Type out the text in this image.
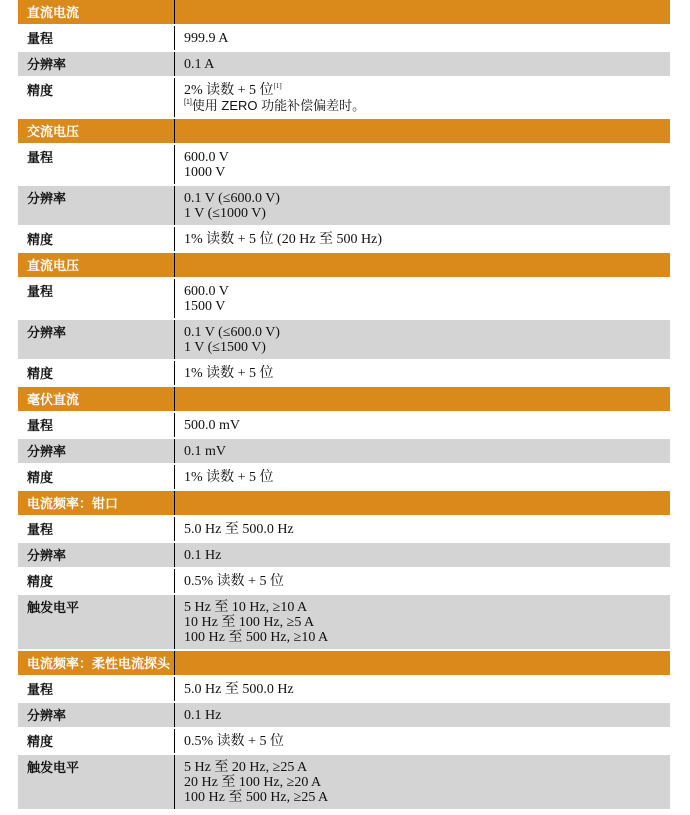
直流电流
量程	999.9 A
分辨率	0.1 A
精度	2% 读数 + 5 位[1]
[1]使用 ZERO 功能补偿偏差时。
交流电压
量程	600.0 V
1000 V
分辨率	0.1 V (≤600.0 V)
1 V (≤1000 V)
精度	1% 读数 + 5 位 (20 Hz 至 500 Hz)
直流电压
量程	600.0 V
1500 V
分辨率	0.1 V (≤600.0 V)
1 V (≤1500 V)
精度	1% 读数 + 5 位
毫伏直流
量程	500.0 mV
分辨率	0.1 mV
精度	1% 读数 + 5 位
电流频率：钳口
量程	5.0 Hz 至 500.0 Hz
分辨率	0.1 Hz
精度	0.5% 读数 + 5 位
触发电平	5 Hz 至 10 Hz, ≥10 A
10 Hz 至 100 Hz, ≥5 A
100 Hz 至 500 Hz, ≥10 A
电流频率：柔性电流探头
量程	5.0 Hz 至 500.0 Hz
分辨率	0.1 Hz
精度	0.5% 读数 + 5 位
触发电平	5 Hz 至 20 Hz, ≥25 A
20 Hz 至 100 Hz, ≥20 A
100 Hz 至 500 Hz, ≥25 A
